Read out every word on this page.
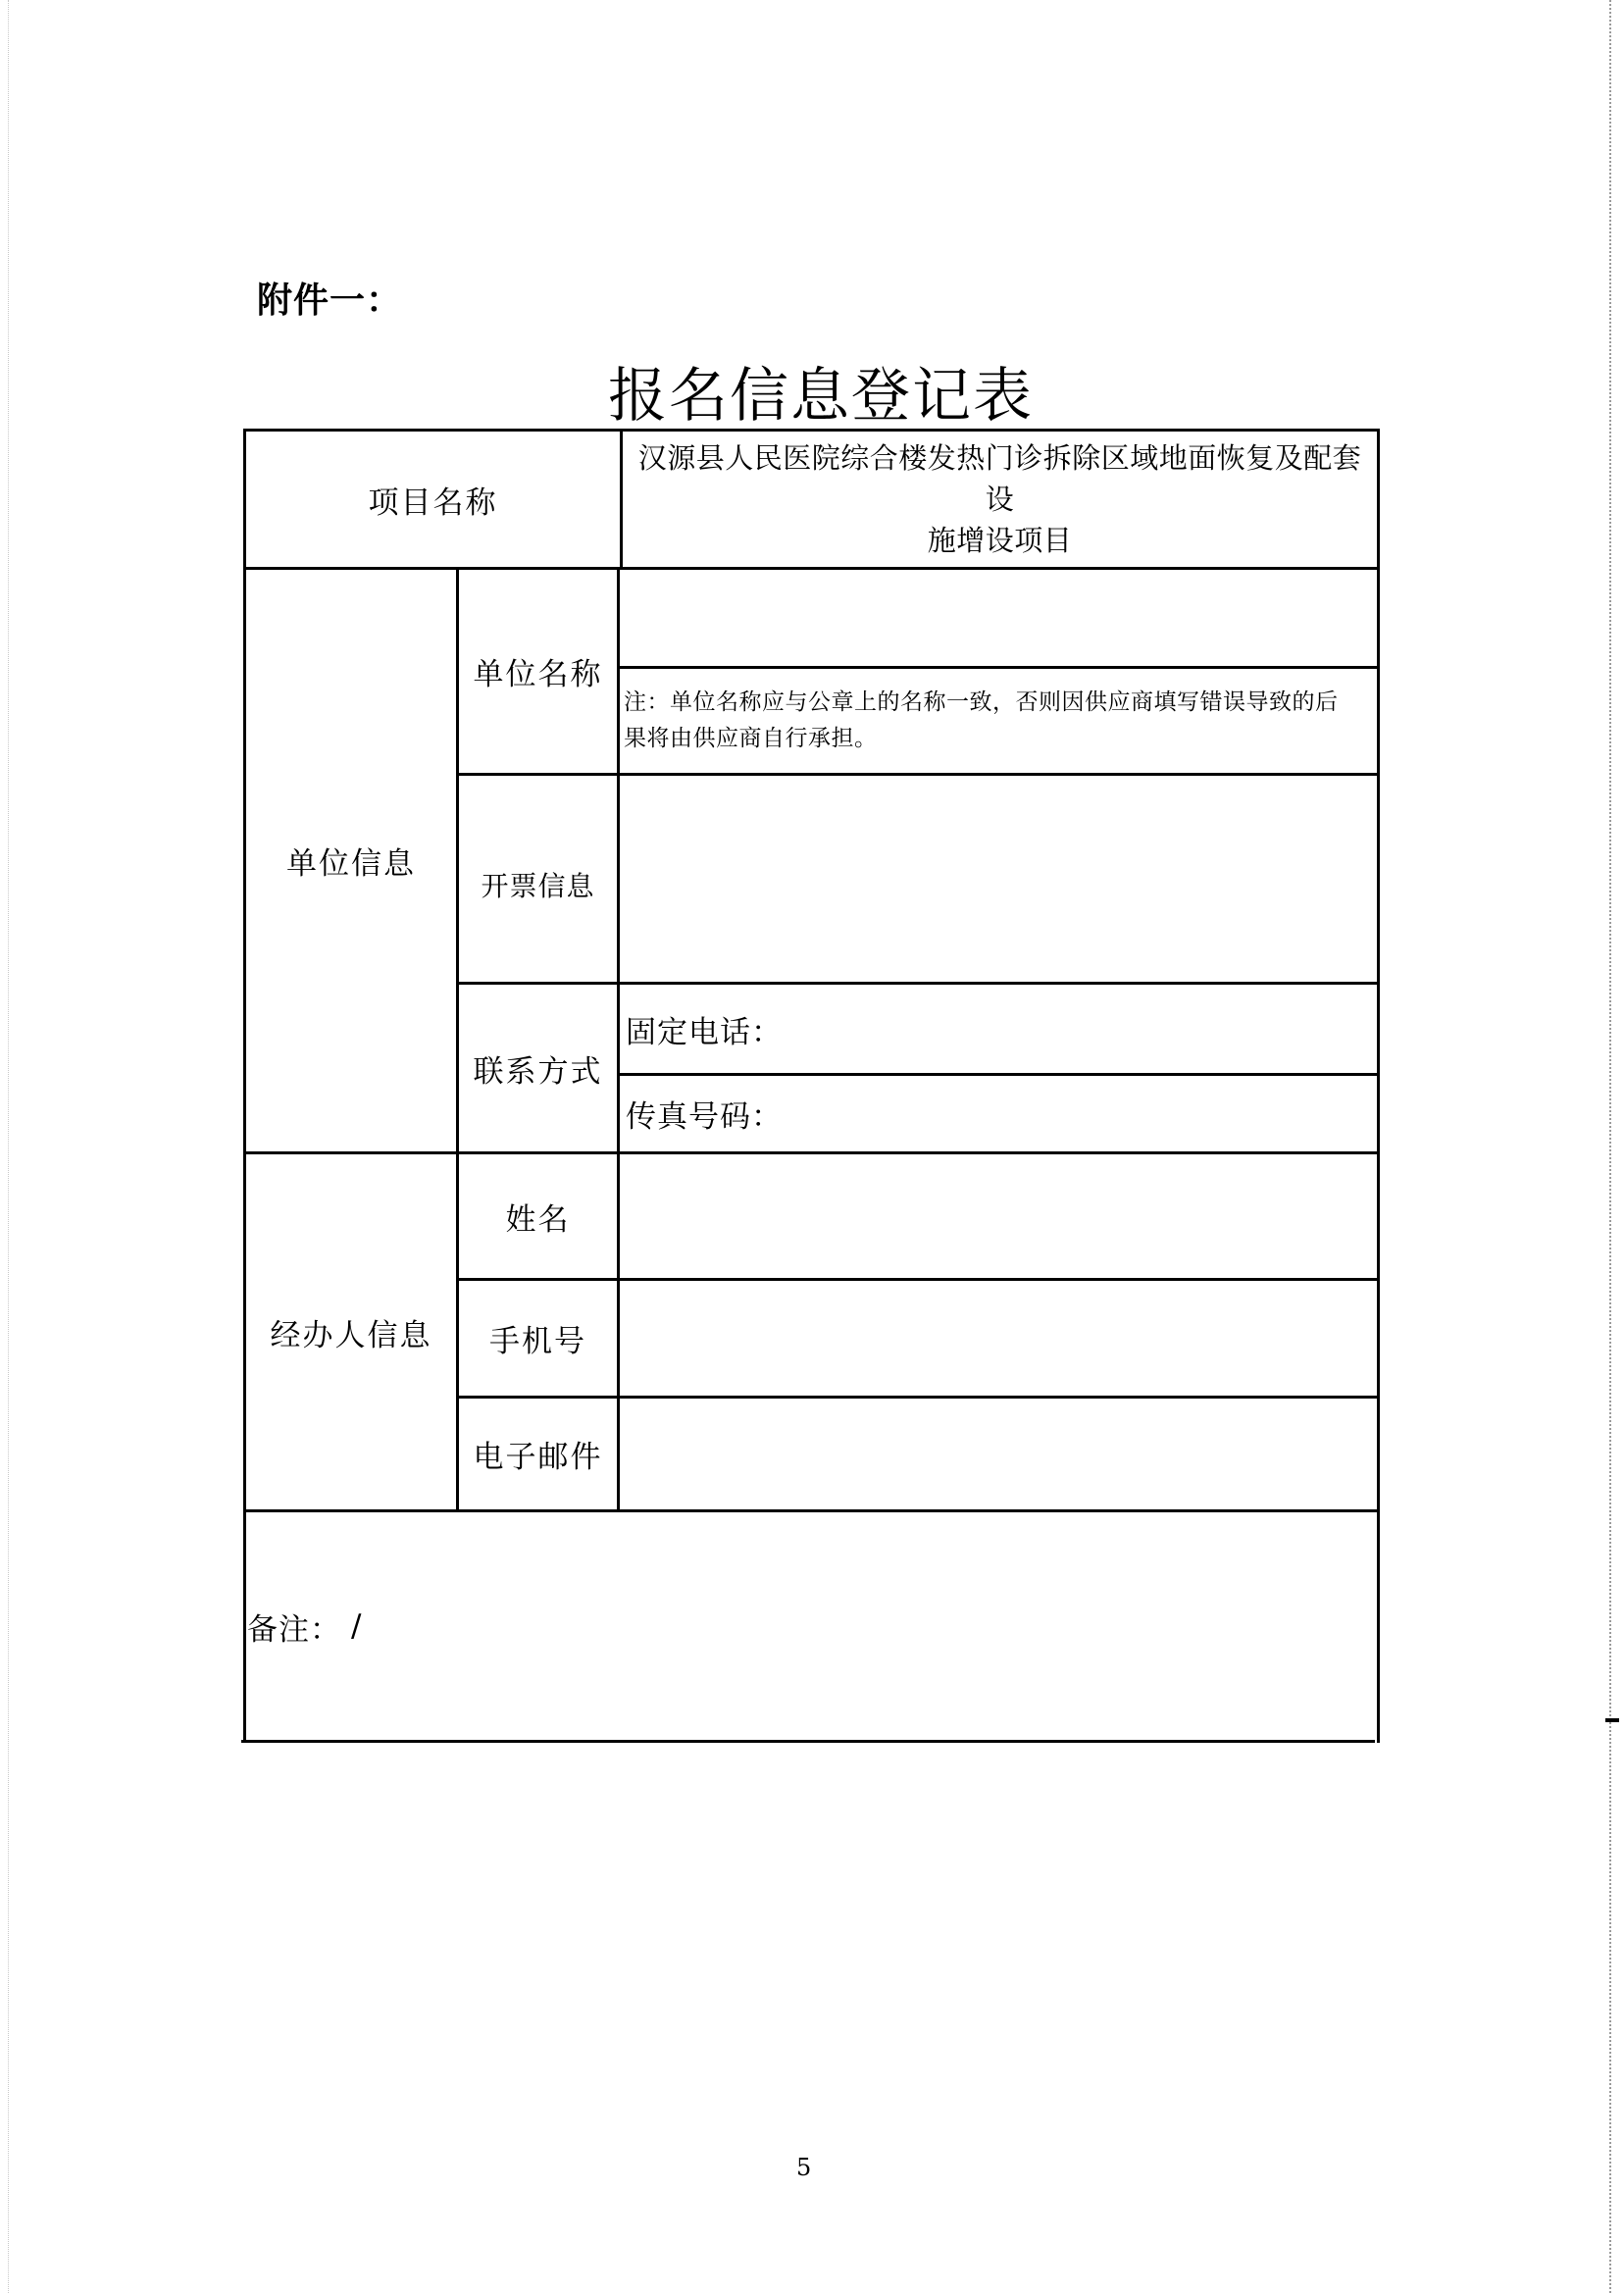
附件一：
报名信息登记表
项目名称
汉源县人民医院综合楼发热门诊拆除区域地面恢复及配套设
施增设项目
单位信息
单位名称
注：单位名称应与公章上的名称一致，否则因供应商填写错误导致的后
果将由供应商自行承担。
开票信息
联系方式
固定电话：
传真号码：
经办人信息
姓名
手机号
电子邮件
备注： /
5
